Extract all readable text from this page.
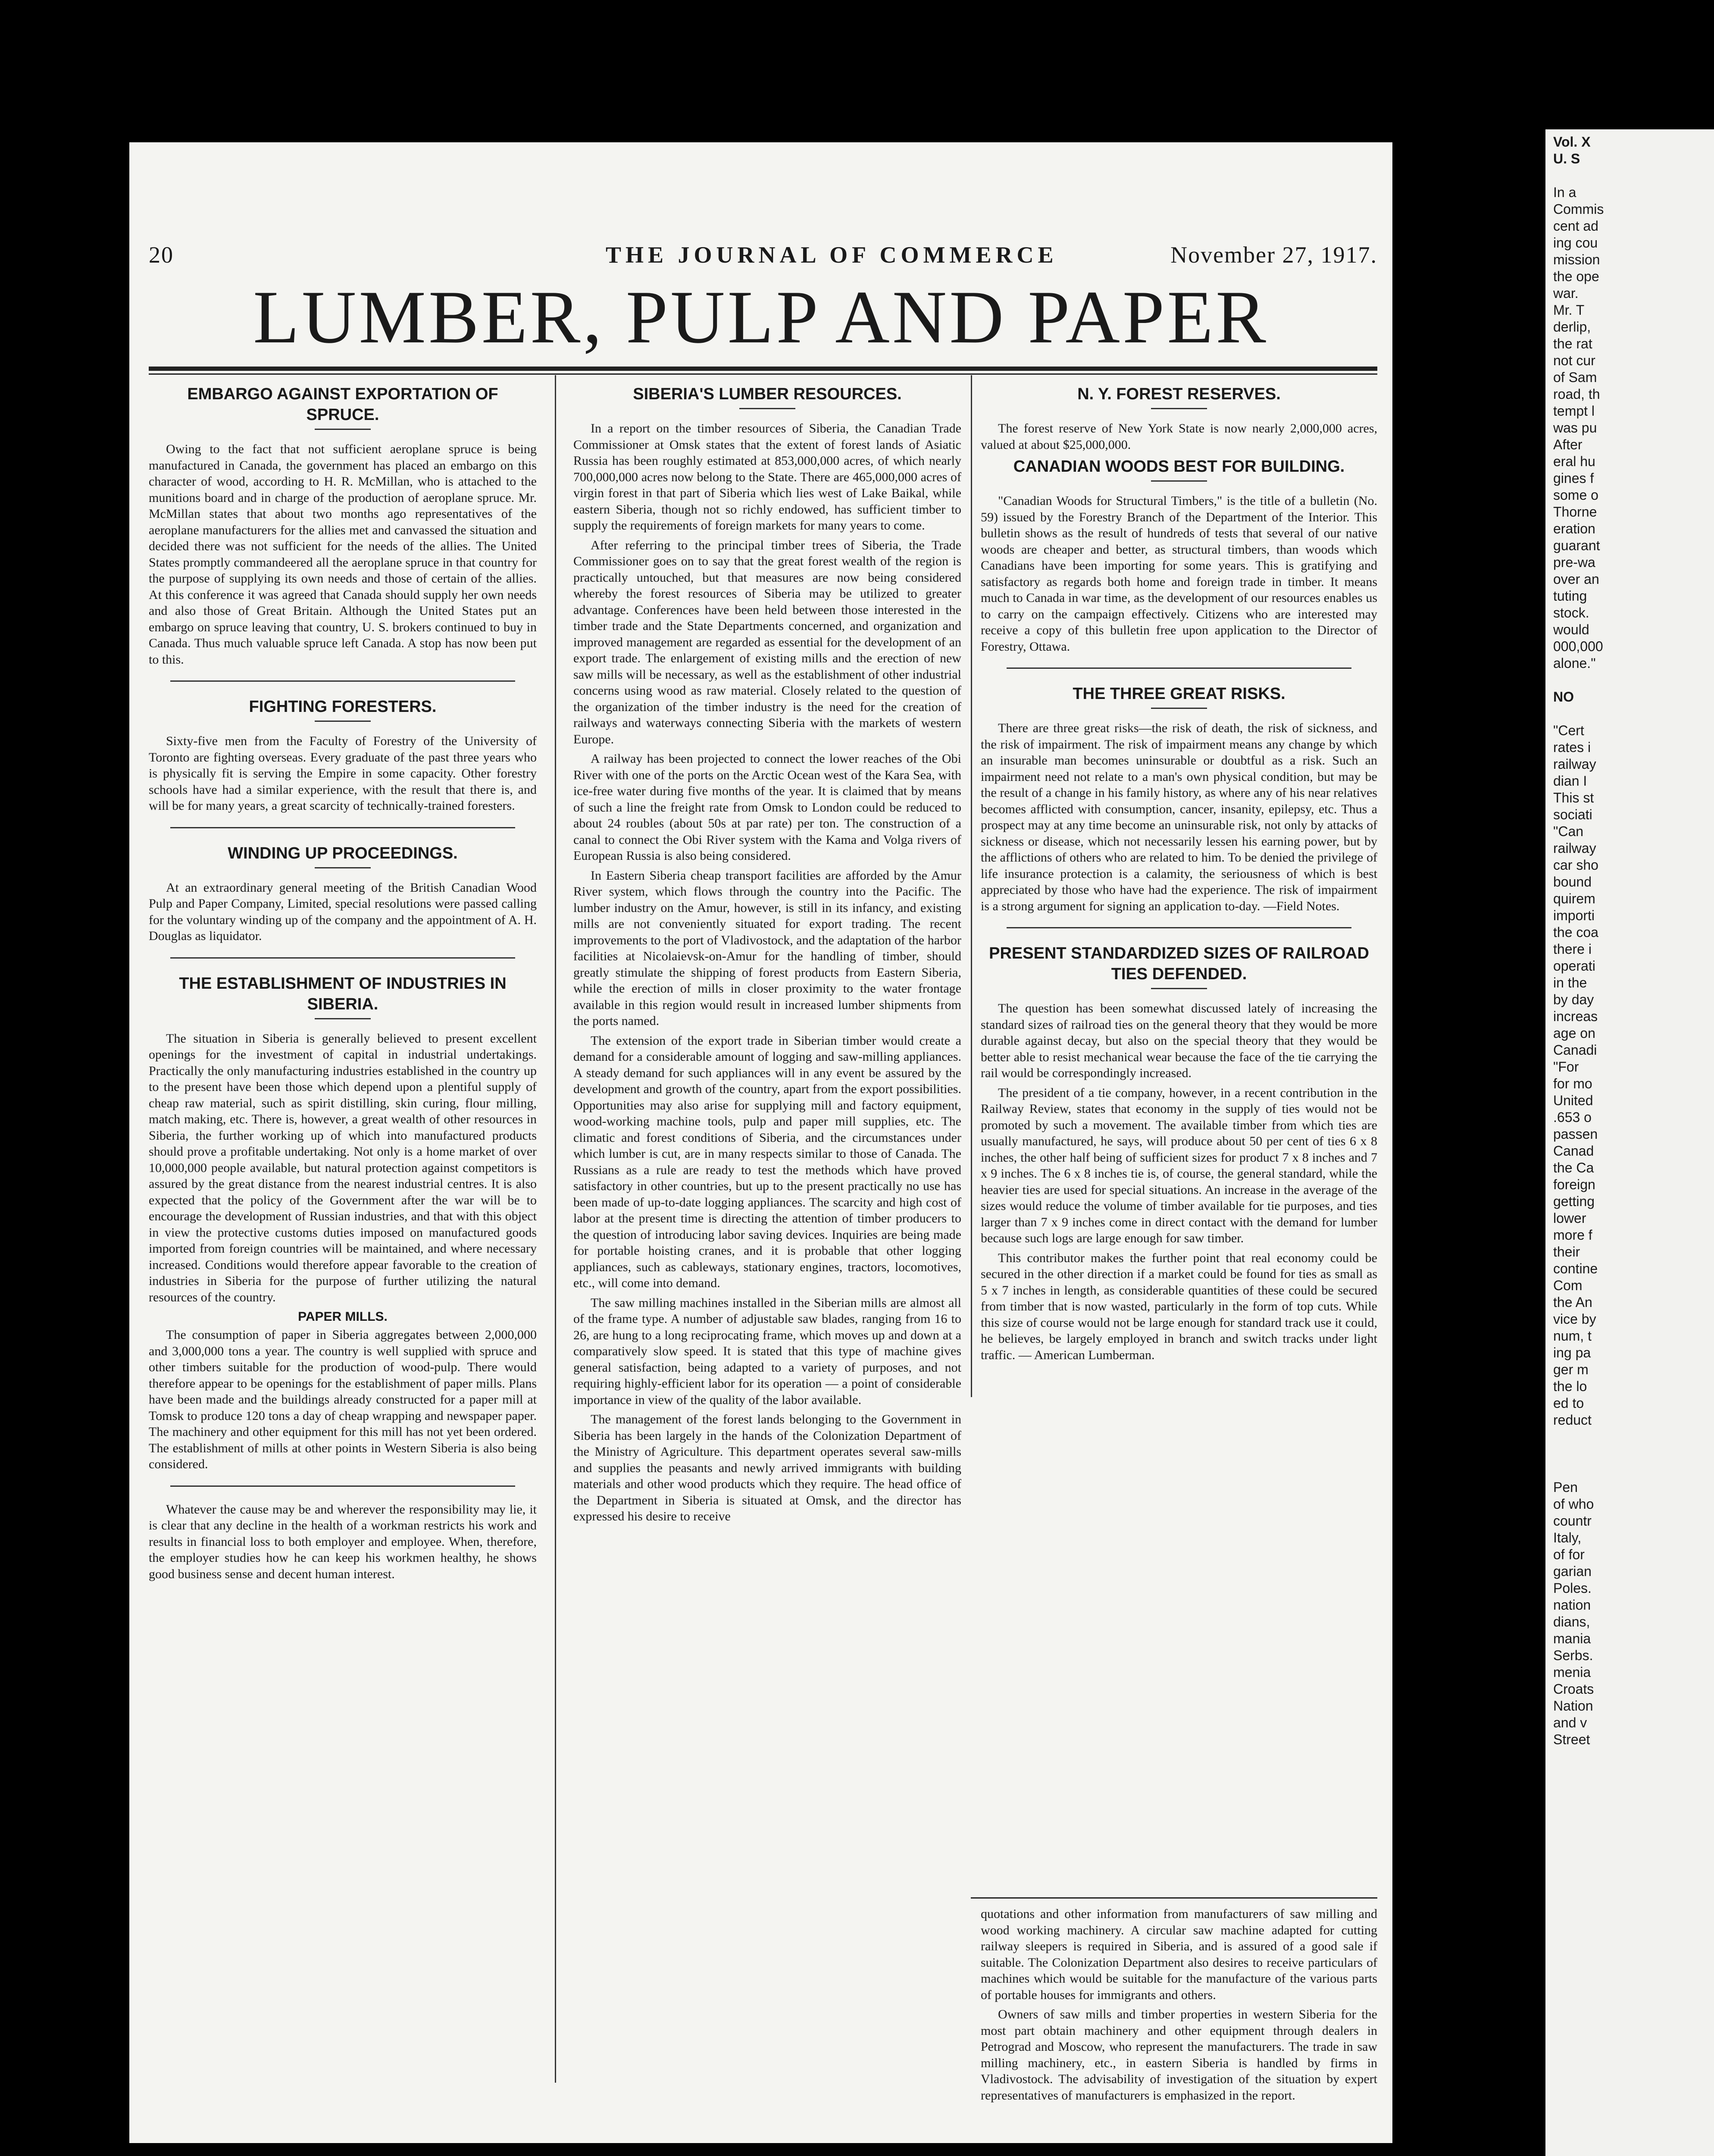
20	THE JOURNAL OF COMMERCE	November 27, 1917.
LUMBER, PULP AND PAPER
EMBARGO AGAINST EXPORTATION OF SPRUCE.

Owing to the fact that not sufficient aeroplane spruce is being manufactured in Canada, the government has placed an embargo on this character of wood, according to H. R. McMillan, who is attached to the munitions board and in charge of the production of aeroplane spruce. Mr. McMillan states that about two months ago representatives of the aeroplane manufacturers for the allies met and canvassed the situation and decided there was not sufficient for the needs of the allies. The United States promptly commandeered all the aeroplane spruce in that country for the purpose of supplying its own needs and those of certain of the allies. At this conference it was agreed that Canada should supply her own needs and also those of Great Britain. Although the United States put an embargo on spruce leaving that country, U. S. brokers continued to buy in Canada. Thus much valuable spruce left Canada. A stop has now been put to this.

FIGHTING FORESTERS.

Sixty-five men from the Faculty of Forestry of the University of Toronto are fighting overseas. Every graduate of the past three years who is physically fit is serving the Empire in some capacity. Other forestry schools have had a similar experience, with the result that there is, and will be for many years, a great scarcity of technically-trained foresters.

WINDING UP PROCEEDINGS.

At an extraordinary general meeting of the British Canadian Wood Pulp and Paper Company, Limited, special resolutions were passed calling for the voluntary winding up of the company and the appointment of A. H. Douglas as liquidator.

THE ESTABLISHMENT OF INDUSTRIES IN SIBERIA.

The situation in Siberia is generally believed to present excellent openings for the investment of capital in industrial undertakings. Practically the only manufacturing industries established in the country up to the present have been those which depend upon a plentiful supply of cheap raw material, such as spirit distilling, skin curing, flour milling, match making, etc. There is, however, a great wealth of other resources in Siberia, the further working up of which into manufactured products should prove a profitable undertaking. Not only is a home market of over 10,000,000 people available, but natural protection against competitors is assured by the great distance from the nearest industrial centres. It is also expected that the policy of the Government after the war will be to encourage the development of Russian industries, and that with this object in view the protective customs duties imposed on manufactured goods imported from foreign countries will be maintained, and where necessary increased. Conditions would therefore appear favorable to the creation of industries in Siberia for the purpose of further utilizing the natural resources of the country.

PAPER MILLS.

The consumption of paper in Siberia aggregates between 2,000,000 and 3,000,000 tons a year. The country is well supplied with spruce and other timbers suitable for the production of wood-pulp. There would therefore appear to be openings for the establishment of paper mills. Plans have been made and the buildings already constructed for a paper mill at Tomsk to produce 120 tons a day of cheap wrapping and newspaper paper. The machinery and other equipment for this mill has not yet been ordered. The establishment of mills at other points in Western Siberia is also being considered.

Whatever the cause may be and wherever the responsibility may lie, it is clear that any decline in the health of a workman restricts his work and results in financial loss to both employer and employee. When, therefore, the employer studies how he can keep his workmen healthy, he shows good business sense and decent human interest.

SIBERIA'S LUMBER RESOURCES.

In a report on the timber resources of Siberia, the Canadian Trade Commissioner at Omsk states that the extent of forest lands of Asiatic Russia has been roughly estimated at 853,000,000 acres, of which nearly 700,000,000 acres now belong to the State. There are 465,000,000 acres of virgin forest in that part of Siberia which lies west of Lake Baikal, while eastern Siberia, though not so richly endowed, has sufficient timber to supply the requirements of foreign markets for many years to come.

After referring to the principal timber trees of Siberia, the Trade Commissioner goes on to say that the great forest wealth of the region is practically untouched, but that measures are now being considered whereby the forest resources of Siberia may be utilized to greater advantage. Conferences have been held between those interested in the timber trade and the State Departments concerned, and organization and improved management are regarded as essential for the development of an export trade. The enlargement of existing mills and the erection of new saw mills will be necessary, as well as the establishment of other industrial concerns using wood as raw material. Closely related to the question of the organization of the timber industry is the need for the creation of railways and waterways connecting Siberia with the markets of western Europe.

A railway has been projected to connect the lower reaches of the Obi River with one of the ports on the Arctic Ocean west of the Kara Sea, with ice-free water during five months of the year. It is claimed that by means of such a line the freight rate from Omsk to London could be reduced to about 24 roubles (about 50s at par rate) per ton. The construction of a canal to connect the Obi River system with the Kama and Volga rivers of European Russia is also being considered.

In Eastern Siberia cheap transport facilities are afforded by the Amur River system, which flows through the country into the Pacific. The lumber industry on the Amur, however, is still in its infancy, and existing mills are not conveniently situated for export trading. The recent improvements to the port of Vladivostock, and the adaptation of the harbor facilities at Nicolaievsk-on-Amur for the handling of timber, should greatly stimulate the shipping of forest products from Eastern Siberia, while the erection of mills in closer proximity to the water frontage available in this region would result in increased lumber shipments from the ports named.

The extension of the export trade in Siberian timber would create a demand for a considerable amount of logging and saw-milling appliances. A steady demand for such appliances will in any event be assured by the development and growth of the country, apart from the export possibilities. Opportunities may also arise for supplying mill and factory equipment, wood-working machine tools, pulp and paper mill supplies, etc. The climatic and forest conditions of Siberia, and the circumstances under which lumber is cut, are in many respects similar to those of Canada. The Russians as a rule are ready to test the methods which have proved satisfactory in other countries, but up to the present practically no use has been made of up-to-date logging appliances. The scarcity and high cost of labor at the present time is directing the attention of timber producers to the question of introducing labor saving devices. Inquiries are being made for portable hoisting cranes, and it is probable that other logging appliances, such as cableways, stationary engines, tractors, locomotives, etc., will come into demand.

The saw milling machines installed in the Siberian mills are almost all of the frame type. A number of adjustable saw blades, ranging from 16 to 26, are hung to a long reciprocating frame, which moves up and down at a comparatively slow speed. It is stated that this type of machine gives general satisfaction, being adapted to a variety of purposes, and not requiring highly-efficient labor for its operation — a point of considerable importance in view of the quality of the labor available.

The management of the forest lands belonging to the Government in Siberia has been largely in the hands of the Colonization Department of the Ministry of Agriculture. This department operates several saw-mills and supplies the peasants and newly arrived immigrants with building materials and other wood products which they require. The head office of the Department in Siberia is situated at Omsk, and the director has expressed his desire to receive

N. Y. FOREST RESERVES.

The forest reserve of New York State is now nearly 2,000,000 acres, valued at about $25,000,000.

CANADIAN WOODS BEST FOR BUILDING.

"Canadian Woods for Structural Timbers," is the title of a bulletin (No. 59) issued by the Forestry Branch of the Department of the Interior. This bulletin shows as the result of hundreds of tests that several of our native woods are cheaper and better, as structural timbers, than woods which Canadians have been importing for some years. This is gratifying and satisfactory as regards both home and foreign trade in timber. It means much to Canada in war time, as the development of our resources enables us to carry on the campaign effectively. Citizens who are interested may receive a copy of this bulletin free upon application to the Director of Forestry, Ottawa.

THE THREE GREAT RISKS.

There are three great risks—the risk of death, the risk of sickness, and the risk of impairment. The risk of impairment means any change by which an insurable man becomes uninsurable or doubtful as a risk. Such an impairment need not relate to a man's own physical condition, but may be the result of a change in his family history, as where any of his near relatives becomes afflicted with consumption, cancer, insanity, epilepsy, etc. Thus a prospect may at any time become an uninsurable risk, not only by attacks of sickness or disease, which not necessarily lessen his earning power, but by the afflictions of others who are related to him. To be denied the privilege of life insurance protection is a calamity, the seriousness of which is best appreciated by those who have had the experience. The risk of impairment is a strong argument for signing an application to-day. —Field Notes.

PRESENT STANDARDIZED SIZES OF RAILROAD TIES DEFENDED.

The question has been somewhat discussed lately of increasing the standard sizes of railroad ties on the general theory that they would be more durable against decay, but also on the special theory that they would be better able to resist mechanical wear because the face of the tie carrying the rail would be correspondingly increased.

The president of a tie company, however, in a recent contribution in the Railway Review, states that economy in the supply of ties would not be promoted by such a movement. The available timber from which ties are usually manufactured, he says, will produce about 50 per cent of ties 6 x 8 inches, the other half being of sufficient sizes for product 7 x 8 inches and 7 x 9 inches. The 6 x 8 inches tie is, of course, the general standard, while the heavier ties are used for special situations. An increase in the average of the sizes would reduce the volume of timber available for tie purposes, and ties larger than 7 x 9 inches come in direct contact with the demand for lumber because such logs are large enough for saw timber.

This contributor makes the further point that real economy could be secured in the other direction if a market could be found for ties as small as 5 x 7 inches in length, as considerable quantities of these could be secured from timber that is now wasted, particularly in the form of top cuts. While this size of course would not be large enough for standard track use it could, he believes, be largely employed in branch and switch tracks under light traffic. — American Lumberman.

quotations and other information from manufacturers of saw milling and wood working machinery. A circular saw machine adapted for cutting railway sleepers is required in Siberia, and is assured of a good sale if suitable. The Colonization Department also desires to receive particulars of machines which would be suitable for the manufacture of the various parts of portable houses for immigrants and others.

Owners of saw mills and timber properties in western Siberia for the most part obtain machinery and other equipment through dealers in Petrograd and Moscow, who represent the manufacturers. The trade in saw milling machinery, etc., in eastern Siberia is handled by firms in Vladivostock. The advisability of investigation of the situation by expert representatives of manufacturers is emphasized in the report.

Vol. X
U. S

In a
Commis
cent ad
ing cou
mission
the ope
war.
Mr. T
derlip,
the rat
not cur
of Sam
road, th
tempt l
was pu
After
eral hu
gines f
some o
Thorne
eration
guarant
pre-wa
over an
tuting
stock.
would
000,000
alone."

NO

"Cert
rates i
railway
dian I
This st
sociati
"Can
railway
car sho
bound
quirem
importi
the coa
there i
operati
in the
by day
increas
age on
Canadi
"For
for mo
United
.653 o
passen
Canad
the Ca
foreign
getting
lower
more f
their
contine
Com
the An
vice by
num, t
ing pa
ger m
the lo
ed to
reduct

Pen
of who
countr
Italy,
of for
garian
Poles.
nation
dians,
mania
Serbs.
menia
Croats
Nation
and v
Street
